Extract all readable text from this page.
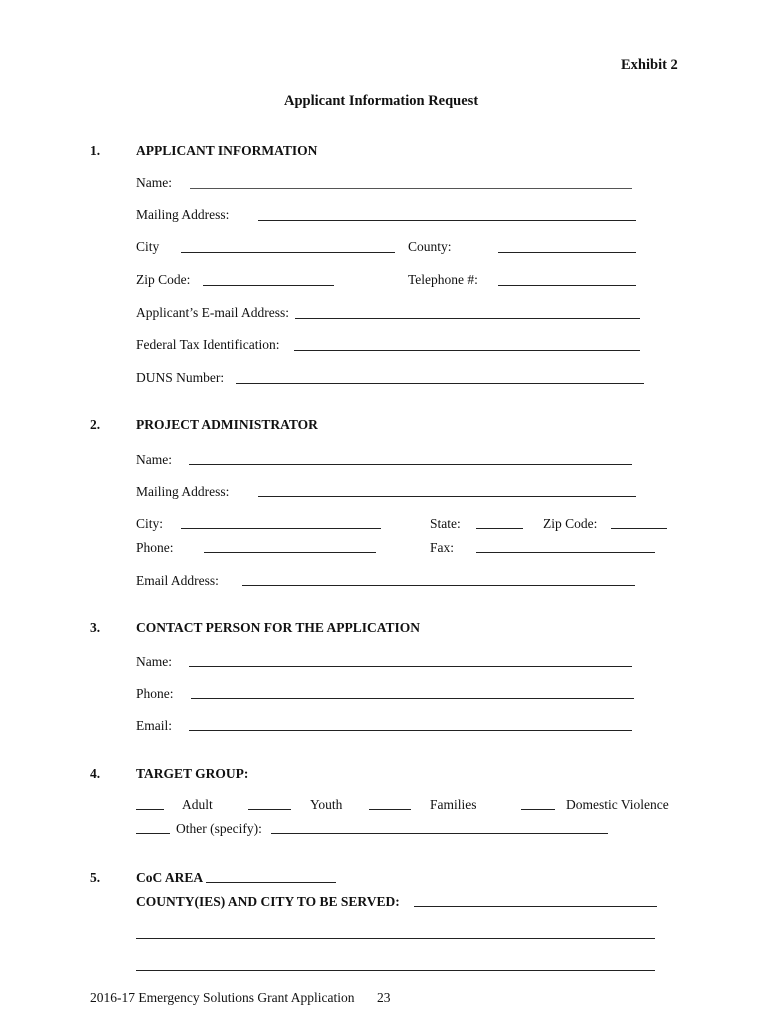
Exhibit 2
Applicant Information Request
1.	APPLICANT INFORMATION
Name:
Mailing Address:
City	County:
Zip Code:	Telephone #:
Applicant’s E-mail Address:
Federal Tax Identification:
DUNS Number:
2.	PROJECT ADMINISTRATOR
Name:
Mailing Address:
City:	State:	Zip Code:
Phone:	Fax:
Email Address:
3.	CONTACT PERSON FOR THE APPLICATION
Name:
Phone:
Email:
4.	TARGET GROUP:
Adult	Youth	Families	Domestic Violence
Other (specify):
5.	CoC AREA
COUNTY(IES) AND CITY TO BE SERVED:
2016-17 Emergency Solutions Grant Application 23
